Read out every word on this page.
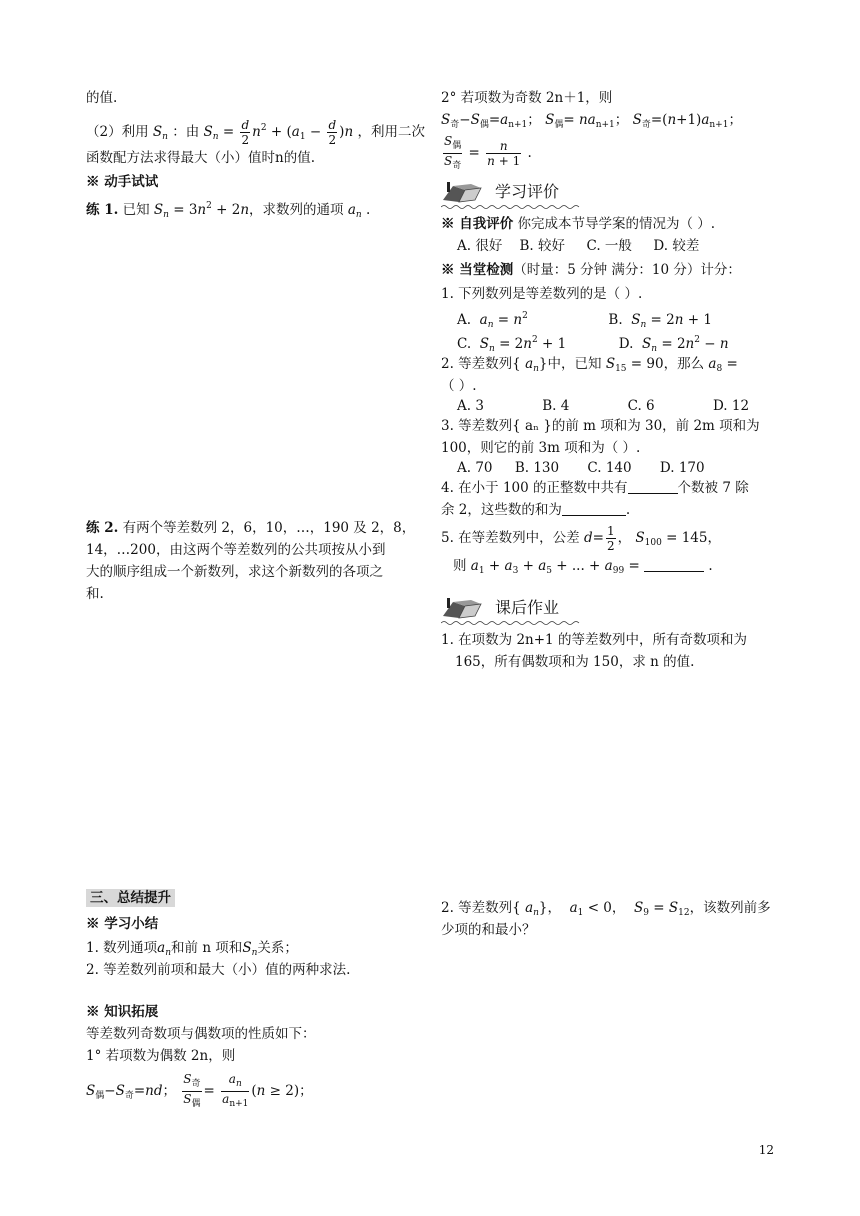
的值.
（2）利用 $S_n$ ：由 $S_n = \frac{d}{2} n^2 + (a_1 - \frac{d}{2} )n$ ，利用二次
函数配方法求得最大（小）值时n的值.
※ 动手试试
练 1. 已知 $S_n = 3n^2 + 2n$，求数列的通项 $a_n$ .
练 2. 有两个等差数列 2，6，10，…，190 及 2，8，
14，…200，由这两个等差数列的公共项按从小到
大的顺序组成一个新数列，求这个新数列的各项之
和.
2° 若项数为奇数 2n＋1，则
$S_奇-S_偶=a_{n+1}$； $S_偶= na_{n+1}$； $S_奇=(n+1)a_{n+1}$；
$\frac{S_偶}{S_奇} = \frac{n}{n + 1}$ .
学习评价
※ 自我评价 你完成本节导学案的情况为（ ）.
A. 很好 B. 较好 C. 一般 D. 较差
※ 当堂检测（时量：5 分钟 满分：10 分）计分：
1. 下列数列是等差数列的是（ ）.
A.  $a_n = n^2$	B.  $S_n = 2n + 1$
C.  $S_n = 2n^2 + 1$	D.  $S_n = 2n^2 - n$
2. 等差数列{ $a_n$}中，已知 $S_{15} = 90$，那么 $a_8$ =
（ ）.
A. 3	B. 4	C. 6	D. 12
3. 等差数列{ aₙ }的前 m 项和为 30，前 2m 项和为
100，则它的前 3m 项和为（ ）.
A. 70 B. 130 C. 140 D. 170
4. 在小于 100 的正整数中共有	个数被 7 除
余 2，这些数的和为	.
5. 在等差数列中，公差 $d= \frac{1}{2}$ ， $S_{100} = 145$，
则 $a_1 + a_3 + a_5$ + ... + $a_{99}$ =	.
课后作业
1. 在项数为 2n+1 的等差数列中，所有奇数项和为
165，所有偶数项和为 150，求 n 的值.
三、总结提升
※ 学习小结
1. 数列通项$a_n$和前 n 项和$S_n$关系；
2. 等差数列前项和最大（小）值的两种求法.
※ 知识拓展
等差数列奇数项与偶数项的性质如下：
1° 若项数为偶数 2n，则
$S_偶-S_奇=nd$； $\frac{S_奇}{S_偶} = \frac{a_n}{a_{n+1}} (n \ge 2)$；
2. 等差数列{ $a_n$}， $a_1 < 0$，  $S_9 = S_{12}$，该数列前多
少项的和最小？
12
